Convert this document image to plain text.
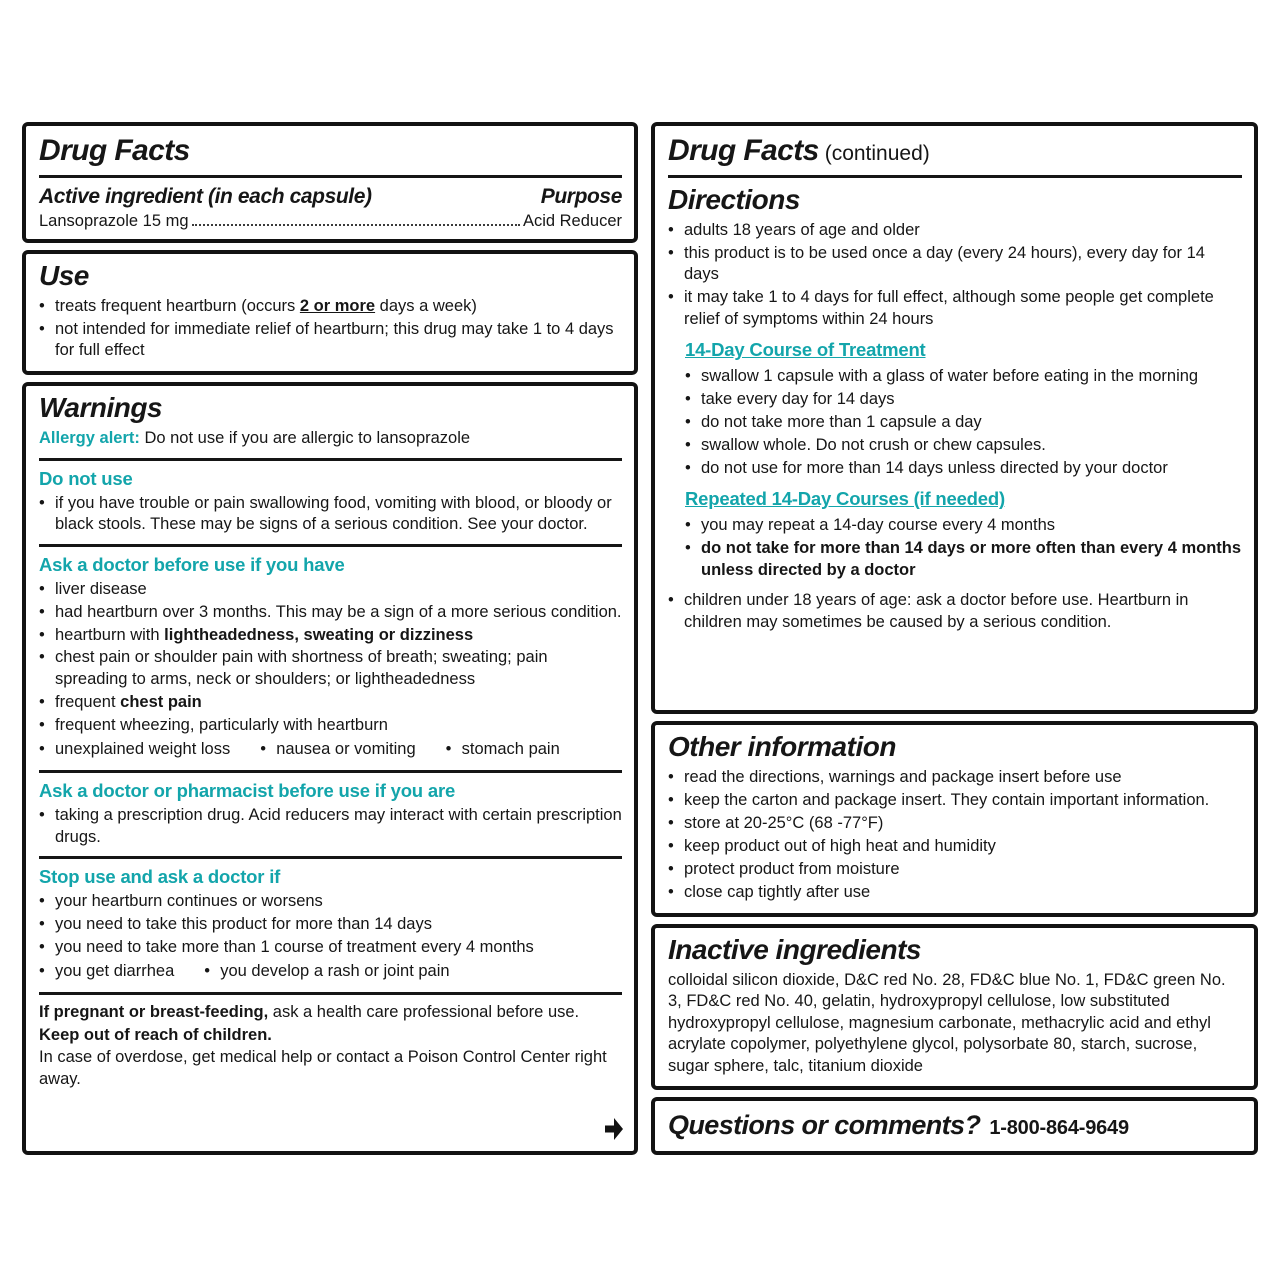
Drug Facts
Active ingredient (in each capsule)	Purpose
Lansoprazole 15 mg	Acid Reducer
Use
• treats frequent heartburn (occurs 2 or more days a week)
• not intended for immediate relief of heartburn; this drug may take 1 to 4 days for full effect
Warnings
Allergy alert: Do not use if you are allergic to lansoprazole
Do not use
• if you have trouble or pain swallowing food, vomiting with blood, or bloody or black stools. These may be signs of a serious condition. See your doctor.
Ask a doctor before use if you have
• liver disease
• had heartburn over 3 months. This may be a sign of a more serious condition.
• heartburn with lightheadedness, sweating or dizziness
• chest pain or shoulder pain with shortness of breath; sweating; pain spreading to arms, neck or shoulders; or lightheadedness
• frequent chest pain
• frequent wheezing, particularly with heartburn
• unexplained weight loss	• nausea or vomiting	• stomach pain
Ask a doctor or pharmacist before use if you are
• taking a prescription drug. Acid reducers may interact with certain prescription drugs.
Stop use and ask a doctor if
• your heartburn continues or worsens
• you need to take this product for more than 14 days
• you need to take more than 1 course of treatment every 4 months
• you get diarrhea	• you develop a rash or joint pain
If pregnant or breast-feeding, ask a health care professional before use.
Keep out of reach of children.
In case of overdose, get medical help or contact a Poison Control Center right away.
Drug Facts (continued)
Directions
• adults 18 years of age and older
• this product is to be used once a day (every 24 hours), every day for 14 days
• it may take 1 to 4 days for full effect, although some people get complete relief of symptoms within 24 hours
14-Day Course of Treatment
• swallow 1 capsule with a glass of water before eating in the morning
• take every day for 14 days
• do not take more than 1 capsule a day
• swallow whole. Do not crush or chew capsules.
• do not use for more than 14 days unless directed by your doctor
Repeated 14-Day Courses (if needed)
• you may repeat a 14-day course every 4 months
• do not take for more than 14 days or more often than every 4 months unless directed by a doctor
• children under 18 years of age: ask a doctor before use. Heartburn in children may sometimes be caused by a serious condition.
Other information
• read the directions, warnings and package insert before use
• keep the carton and package insert. They contain important information.
• store at 20-25°C (68 -77°F)
• keep product out of high heat and humidity
• protect product from moisture
• close cap tightly after use
Inactive ingredients
colloidal silicon dioxide, D&C red No. 28, FD&C blue No. 1, FD&C green No. 3, FD&C red No. 40, gelatin, hydroxypropyl cellulose, low substituted hydroxypropyl cellulose, magnesium carbonate, methacrylic acid and ethyl acrylate copolymer, polyethylene glycol, polysorbate 80, starch, sucrose, sugar sphere, talc, titanium dioxide
Questions or comments? 1-800-864-9649
